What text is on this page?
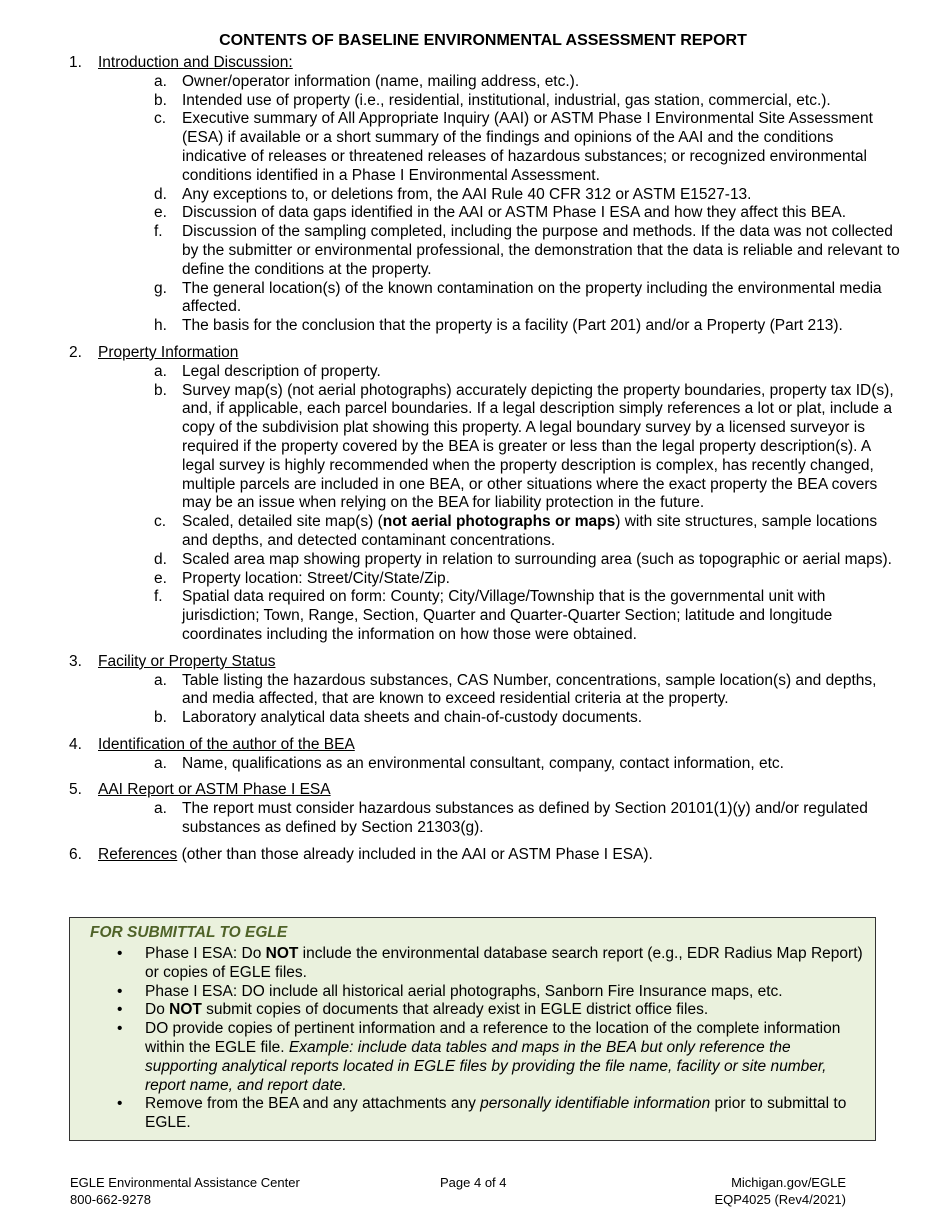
CONTENTS OF BASELINE ENVIRONMENTAL ASSESSMENT REPORT
1. Introduction and Discussion:
a. Owner/operator information (name, mailing address, etc.).
b. Intended use of property (i.e., residential, institutional, industrial, gas station, commercial, etc.).
c. Executive summary of All Appropriate Inquiry (AAI) or ASTM Phase I Environmental Site Assessment (ESA) if available or a short summary of the findings and opinions of the AAI and the conditions indicative of releases or threatened releases of hazardous substances; or recognized environmental conditions identified in a Phase I Environmental Assessment.
d. Any exceptions to, or deletions from, the AAI Rule 40 CFR 312 or ASTM E1527-13.
e. Discussion of data gaps identified in the AAI or ASTM Phase I ESA and how they affect this BEA.
f. Discussion of the sampling completed, including the purpose and methods. If the data was not collected by the submitter or environmental professional, the demonstration that the data is reliable and relevant to define the conditions at the property.
g. The general location(s) of the known contamination on the property including the environmental media affected.
h. The basis for the conclusion that the property is a facility (Part 201) and/or a Property (Part 213).
2. Property Information
a. Legal description of property.
b. Survey map(s) (not aerial photographs) accurately depicting the property boundaries, property tax ID(s), and, if applicable, each parcel boundaries. If a legal description simply references a lot or plat, include a copy of the subdivision plat showing this property. A legal boundary survey by a licensed surveyor is required if the property covered by the BEA is greater or less than the legal property description(s). A legal survey is highly recommended when the property description is complex, has recently changed, multiple parcels are included in one BEA, or other situations where the exact property the BEA covers may be an issue when relying on the BEA for liability protection in the future.
c. Scaled, detailed site map(s) (not aerial photographs or maps) with site structures, sample locations and depths, and detected contaminant concentrations.
d. Scaled area map showing property in relation to surrounding area (such as topographic or aerial maps).
e. Property location: Street/City/State/Zip.
f. Spatial data required on form: County; City/Village/Township that is the governmental unit with jurisdiction; Town, Range, Section, Quarter and Quarter-Quarter Section; latitude and longitude coordinates including the information on how those were obtained.
3. Facility or Property Status
a. Table listing the hazardous substances, CAS Number, concentrations, sample location(s) and depths, and media affected, that are known to exceed residential criteria at the property.
b. Laboratory analytical data sheets and chain-of-custody documents.
4. Identification of the author of the BEA
a. Name, qualifications as an environmental consultant, company, contact information, etc.
5. AAI Report or ASTM Phase I ESA
a. The report must consider hazardous substances as defined by Section 20101(1)(y) and/or regulated substances as defined by Section 21303(g).
6. References (other than those already included in the AAI or ASTM Phase I ESA).
FOR SUBMITTAL TO EGLE
• Phase I ESA: Do NOT include the environmental database search report (e.g., EDR Radius Map Report) or copies of EGLE files.
• Phase I ESA: DO include all historical aerial photographs, Sanborn Fire Insurance maps, etc.
• Do NOT submit copies of documents that already exist in EGLE district office files.
• DO provide copies of pertinent information and a reference to the location of the complete information within the EGLE file. Example: include data tables and maps in the BEA but only reference the supporting analytical reports located in EGLE files by providing the file name, facility or site number, report name, and report date.
• Remove from the BEA and any attachments any personally identifiable information prior to submittal to EGLE.
EGLE Environmental Assistance Center
800-662-9278
Page 4 of 4	Michigan.gov/EGLE
EQP4025 (Rev4/2021)
